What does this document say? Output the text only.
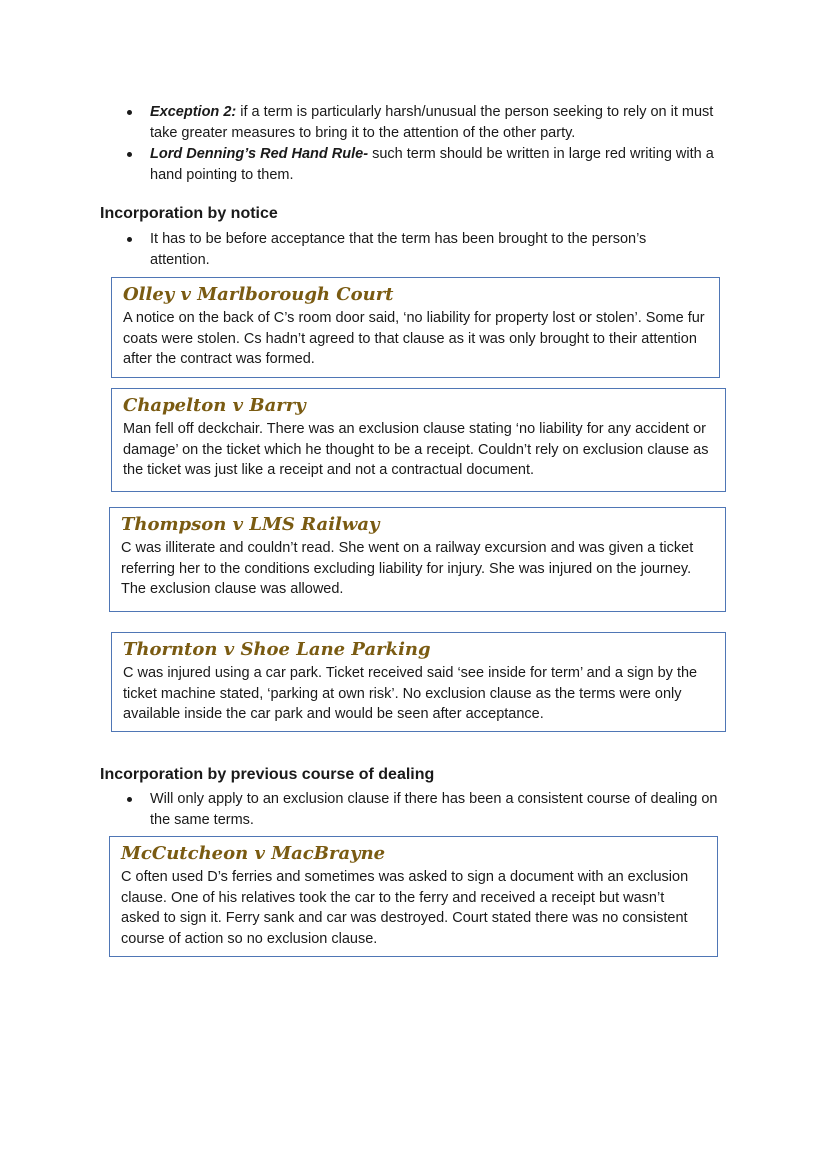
Exception 2: if a term is particularly harsh/unusual the person seeking to rely on it must take greater measures to bring it to the attention of the other party.
Lord Denning’s Red Hand Rule- such term should be written in large red writing with a hand pointing to them.
Incorporation by notice
It has to be before acceptance that the term has been brought to the person’s attention.

Olley v Marlborough Court

A notice on the back of C’s room door said, ‘no liability for property lost or stolen’. Some fur coats were stolen. Cs hadn’t agreed to that clause as it was only brought to their attention after the contract was formed.

Chapelton v Barry

Man fell off deckchair. There was an exclusion clause stating ‘no liability for any accident or damage’ on the ticket which he thought to be a receipt. Couldn’t rely on exclusion clause as the ticket was just like a receipt and not a contractual document.

Thompson v LMS Railway

C was illiterate and couldn’t read. She went on a railway excursion and was given a ticket referring her to the conditions excluding liability for injury. She was injured on the journey. The exclusion clause was allowed.

Thornton v Shoe Lane Parking

C was injured using a car park. Ticket received said ‘see inside for term’ and a sign by the ticket machine stated, ‘parking at own risk’. No exclusion clause as the terms were only available inside the car park and would be seen after acceptance.

Incorporation by previous course of dealing
Will only apply to an exclusion clause if there has been a consistent course of dealing on the same terms.

McCutcheon v MacBrayne

C often used D’s ferries and sometimes was asked to sign a document with an exclusion clause. One of his relatives took the car to the ferry and received a receipt but wasn’t asked to sign it. Ferry sank and car was destroyed. Court stated there was no consistent course of action so no exclusion clause.
